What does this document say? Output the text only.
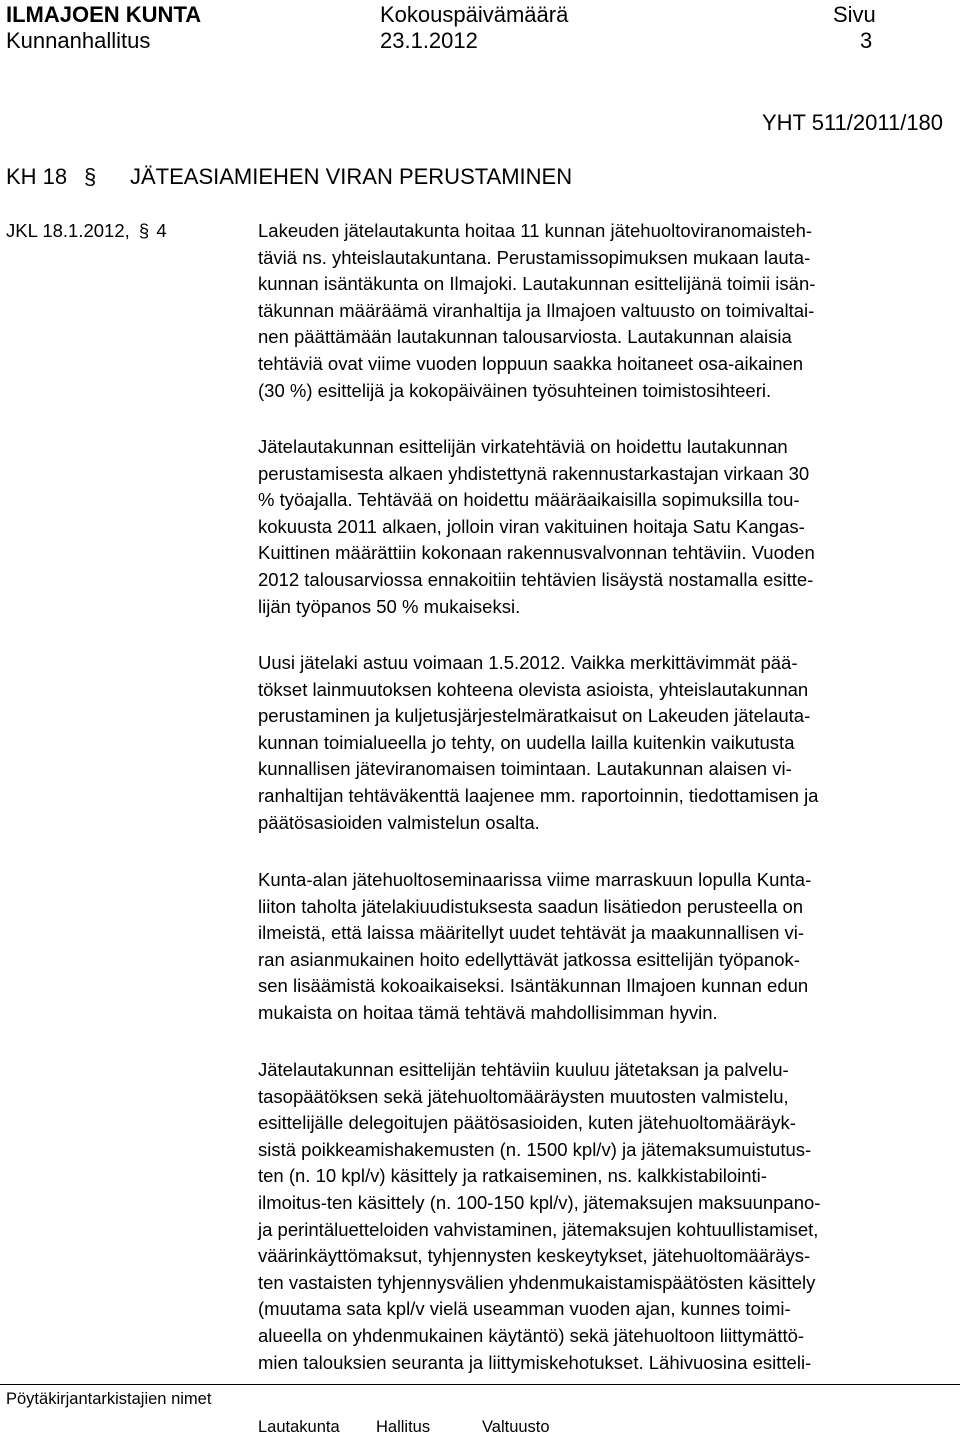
ILMAJOEN KUNTA
Kunnanhallitus
Kokouspäivämäärä
23.1.2012
Sivu
3
YHT 511/2011/180
KH 18 § JÄTEASIAMIEHEN VIRAN PERUSTAMINEN
JKL 18.1.2012, § 4	Lakeuden jätelautakunta hoitaa 11 kunnan jätehuoltoviranomaisteh-
täviä ns. yhteislautakuntana. Perustamissopimuksen mukaan lauta-
kunnan isäntäkunta on Ilmajoki. Lautakunnan esittelijänä toimii isän-
täkunnan määräämä viranhaltija ja Ilmajoen valtuusto on toimivaltai-
nen päättämään lautakunnan talousarviosta. Lautakunnan alaisia
tehtäviä ovat viime vuoden loppuun saakka hoitaneet osa-aikainen
(30 %) esittelijä ja kokopäiväinen työsuhteinen toimistosihteeri.
Jätelautakunnan esittelijän virkatehtäviä on hoidettu lautakunnan
perustamisesta alkaen yhdistettynä rakennustarkastajan virkaan 30
% työajalla. Tehtävää on hoidettu määräaikaisilla sopimuksilla tou-
kokuusta 2011 alkaen, jolloin viran vakituinen hoitaja Satu Kangas-
Kuittinen määrättiin kokonaan rakennusvalvonnan tehtäviin. Vuoden
2012 talousarviossa ennakoitiin tehtävien lisäystä nostamalla esitte-
lijän työpanos 50 % mukaiseksi.
Uusi jätelaki astuu voimaan 1.5.2012. Vaikka merkittävimmät pää-
tökset lainmuutoksen kohteena olevista asioista, yhteislautakunnan
perustaminen ja kuljetusjärjestelmäratkaisut on Lakeuden jätelauta-
kunnan toimialueella jo tehty, on uudella lailla kuitenkin vaikutusta
kunnallisen jäteviranomaisen toimintaan. Lautakunnan alaisen vi-
ranhaltijan tehtäväkenttä laajenee mm. raportoinnin, tiedottamisen ja
päätösasioiden valmistelun osalta.
Kunta-alan jätehuoltoseminaarissa viime marraskuun lopulla Kunta-
liiton taholta jätelakiuudistuksesta saadun lisätiedon perusteella on
ilmeistä, että laissa määritellyt uudet tehtävät ja maakunnallisen vi-
ran asianmukainen hoito edellyttävät jatkossa esittelijän työpanok-
sen lisäämistä kokoaikaiseksi. Isäntäkunnan Ilmajoen kunnan edun
mukaista on hoitaa tämä tehtävä mahdollisimman hyvin.
Jätelautakunnan esittelijän tehtäviin kuuluu jätetaksan ja palvelu-
tasopäätöksen sekä jätehuoltomääräysten muutosten valmistelu,
esittelijälle delegoitujen päätösasioiden, kuten jätehuoltomääräyk-
sistä poikkeamishakemusten (n. 1500 kpl/v) ja jätemaksumuistutus-
ten (n. 10 kpl/v) käsittely ja ratkaiseminen, ns. kalkkistabilointi-
ilmoitus-ten käsittely (n. 100-150 kpl/v), jätemaksujen maksuunpano-
ja perintäluetteloiden vahvistaminen, jätemaksujen kohtuullistamiset,
väärinkäyttömaksut, tyhjennysten keskeytykset, jätehuoltomääräys-
ten vastaisten tyhjennysvälien yhdenmukaistamispäätösten käsittely
(muutama sata kpl/v vielä useamman vuoden ajan, kunnes toimi-
alueella on yhdenmukainen käytäntö) sekä jätehuoltoon liittymättö-
mien talouksien seuranta ja liittymiskehotukset. Lähivuosina esitteli-
Pöytäkirjantarkistajien nimet
Lautakunta Hallitus	Valtuusto
